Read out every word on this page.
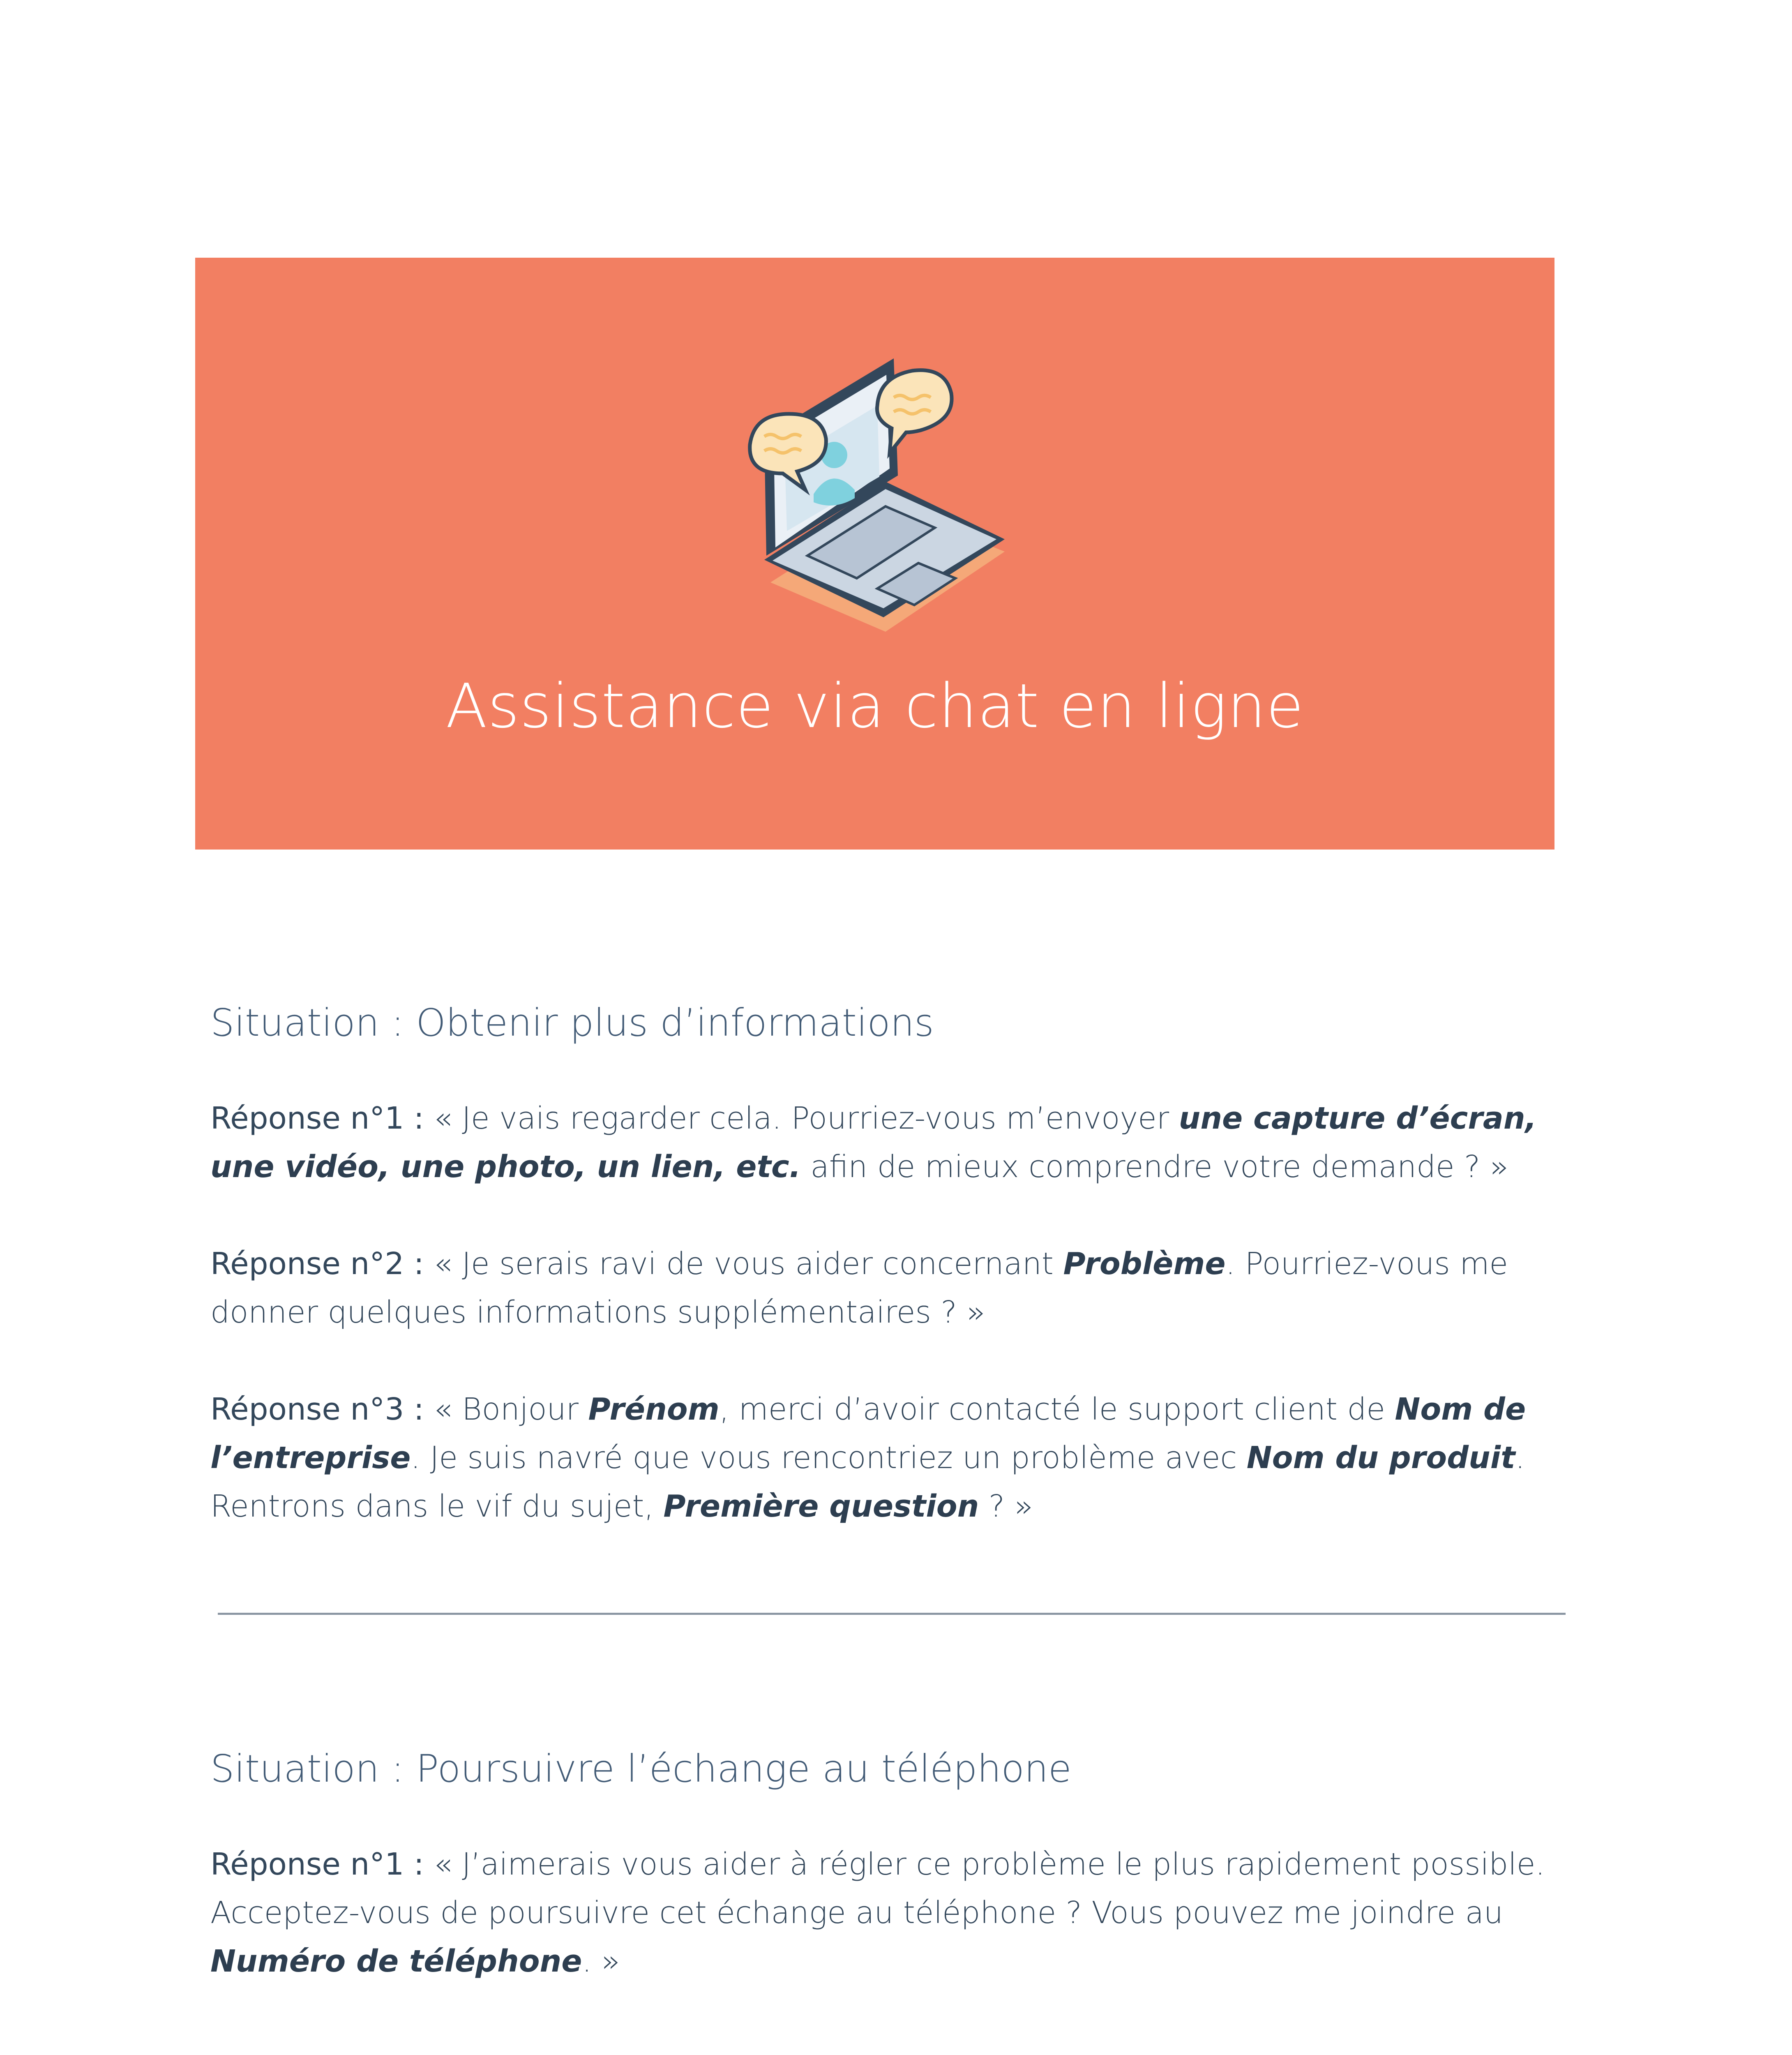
Assistance via chat en ligne
Situation : Obtenir plus d’informations

Réponse n°1 : « Je vais regarder cela. Pourriez-vous m’envoyer une capture d’écran, une vidéo, une photo, un lien, etc. afin de mieux comprendre votre demande ? »

Réponse n°2 : « Je serais ravi de vous aider concernant Problème. Pourriez-vous me donner quelques informations supplémentaires ? »

Réponse n°3 : « Bonjour Prénom, merci d’avoir contacté le support client de Nom de l’entreprise. Je suis navré que vous rencontriez un problème avec Nom du produit. Rentrons dans le vif du sujet, Première question ? »

Situation : Poursuivre l’échange au téléphone

Réponse n°1 : « J’aimerais vous aider à régler ce problème le plus rapidement possible. Acceptez-vous de poursuivre cet échange au téléphone ? Vous pouvez me joindre au Numéro de téléphone. »
